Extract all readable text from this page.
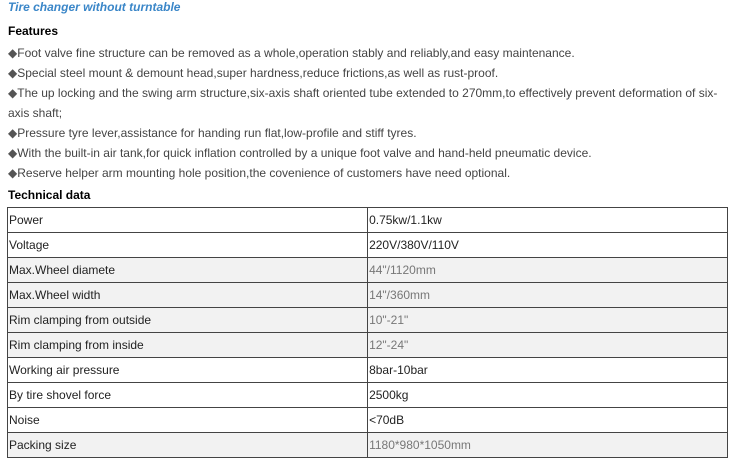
Tire changer without turntable
Features

◆Foot valve fine structure can be removed as a whole,operation stably and reliably,and easy maintenance.

◆Special steel mount & demount head,super hardness,reduce frictions,as well as rust-proof.

◆The up locking and the swing arm structure,six-axis shaft oriented tube extended to 270mm,to effectively prevent deformation of six-axis shaft;

◆Pressure tyre lever,assistance for handing run flat,low-profile and stiff tyres.

◆With the built-in air tank,for quick inflation controlled by a unique foot valve and hand-held pneumatic device.

◆Reserve helper arm mounting hole position,the covenience of customers have need optional.

Technical data
Power	0.75kw/1.1kw
Voltage	220V/380V/110V
Max.Wheel diamete	44"/1120mm
Max.Wheel width	14"/360mm
Rim clamping from outside	10"-21"
Rim clamping from inside	12"-24"
Working air pressure	8bar-10bar
By tire shovel force	2500kg
Noise	<70dB
Packing size	1180*980*1050mm
